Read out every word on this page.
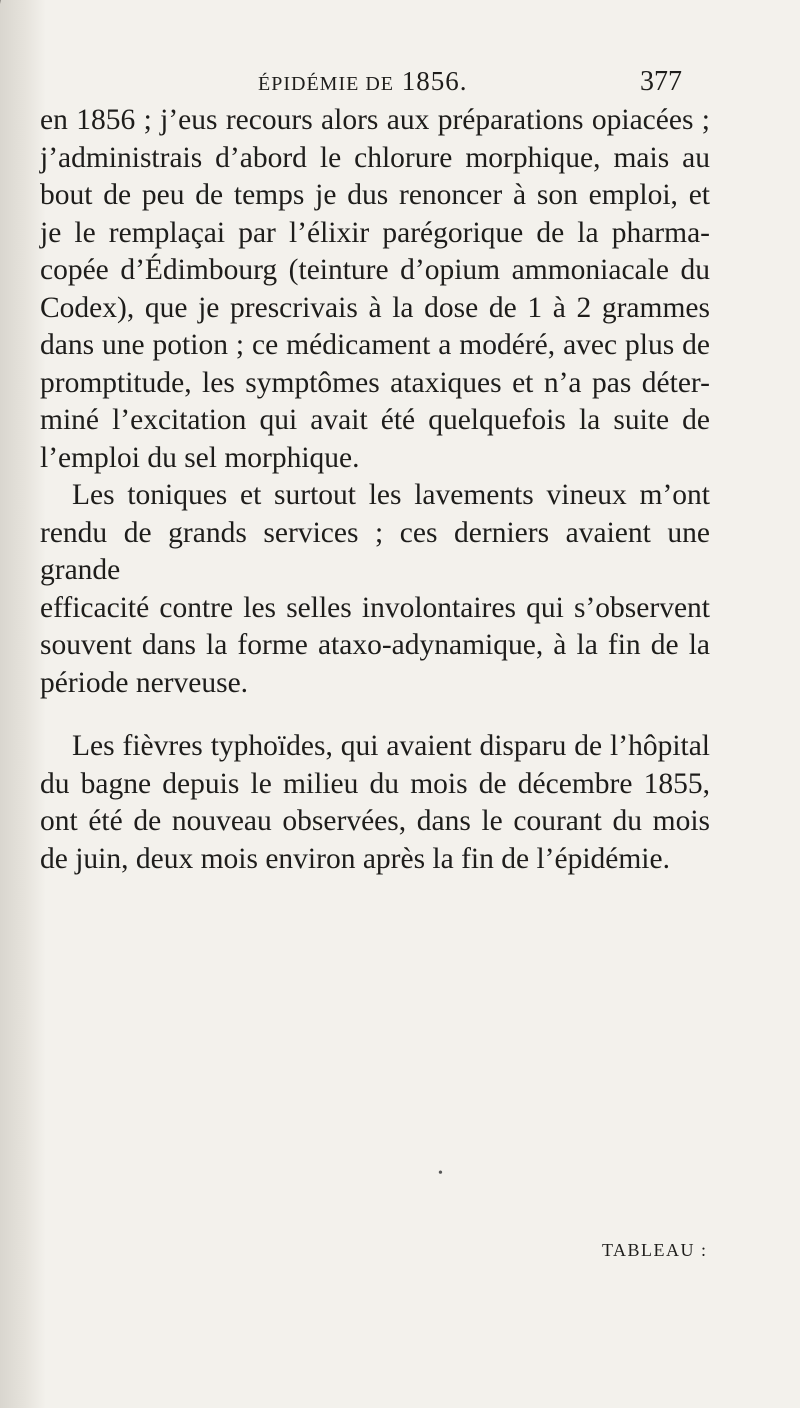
ÉPIDÉMIE DE 1856.	377

en 1856 ; j’eus recours alors aux préparations opiacées ;

j’administrais d’abord le chlorure morphique, mais au

bout de peu de temps je dus renoncer à son emploi, et

je le remplaçai par l’élixir parégorique de la pharma-

copée d’Édimbourg (teinture d’opium ammoniacale du

Codex), que je prescrivais à la dose de 1 à 2 grammes

dans une potion ; ce médicament a modéré, avec plus de

promptitude, les symptômes ataxiques et n’a pas déter-

miné l’excitation qui avait été quelquefois la suite de

l’emploi du sel morphique.

Les toniques et surtout les lavements vineux m’ont

rendu de grands services ; ces derniers avaient une grande

efficacité contre les selles involontaires qui s’observent

souvent dans la forme ataxo-adynamique, à la fin de la

période nerveuse.

Les fièvres typhoïdes, qui avaient disparu de l’hôpital

du bagne depuis le milieu du mois de décembre 1855,

ont été de nouveau observées, dans le courant du mois

de juin, deux mois environ après la fin de l’épidémie.

•
TABLEAU :
